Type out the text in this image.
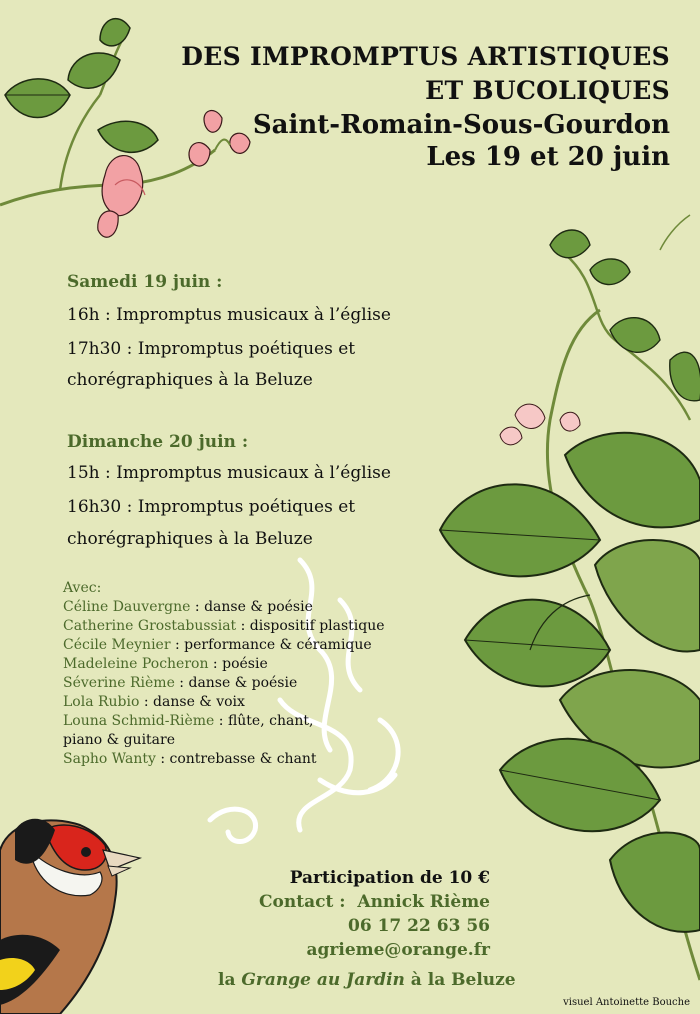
DES IMPROMPTUS ARTISTIQUES
ET BUCOLIQUES
Saint-Romain-Sous-Gourdon
Les 19 et 20 juin
Samedi 19 juin :
16h : Impromptus musicaux à l’église
17h30 : Impromptus poétiques et
chorégraphiques à la Beluze
Dimanche 20 juin :
15h : Impromptus musicaux à l’église
16h30 : Impromptus poétiques et
chorégraphiques à la Beluze
Avec:
Céline Dauvergne : danse & poésie
Catherine Grostabussiat : dispositif plastique
Cécile Meynier : performance & céramique
Madeleine Pocheron : poésie
Séverine Rième : danse & poésie
Lola Rubio : danse & voix
Louna Schmid-Rième : flûte, chant,
piano & guitare
Sapho Wanty : contrebasse & chant
Participation de 10 €
Contact : Annick Rième
06 17 22 63 56
agrieme@orange.fr
la Grange au Jardin à la Beluze
visuel Antoinette Bouche
